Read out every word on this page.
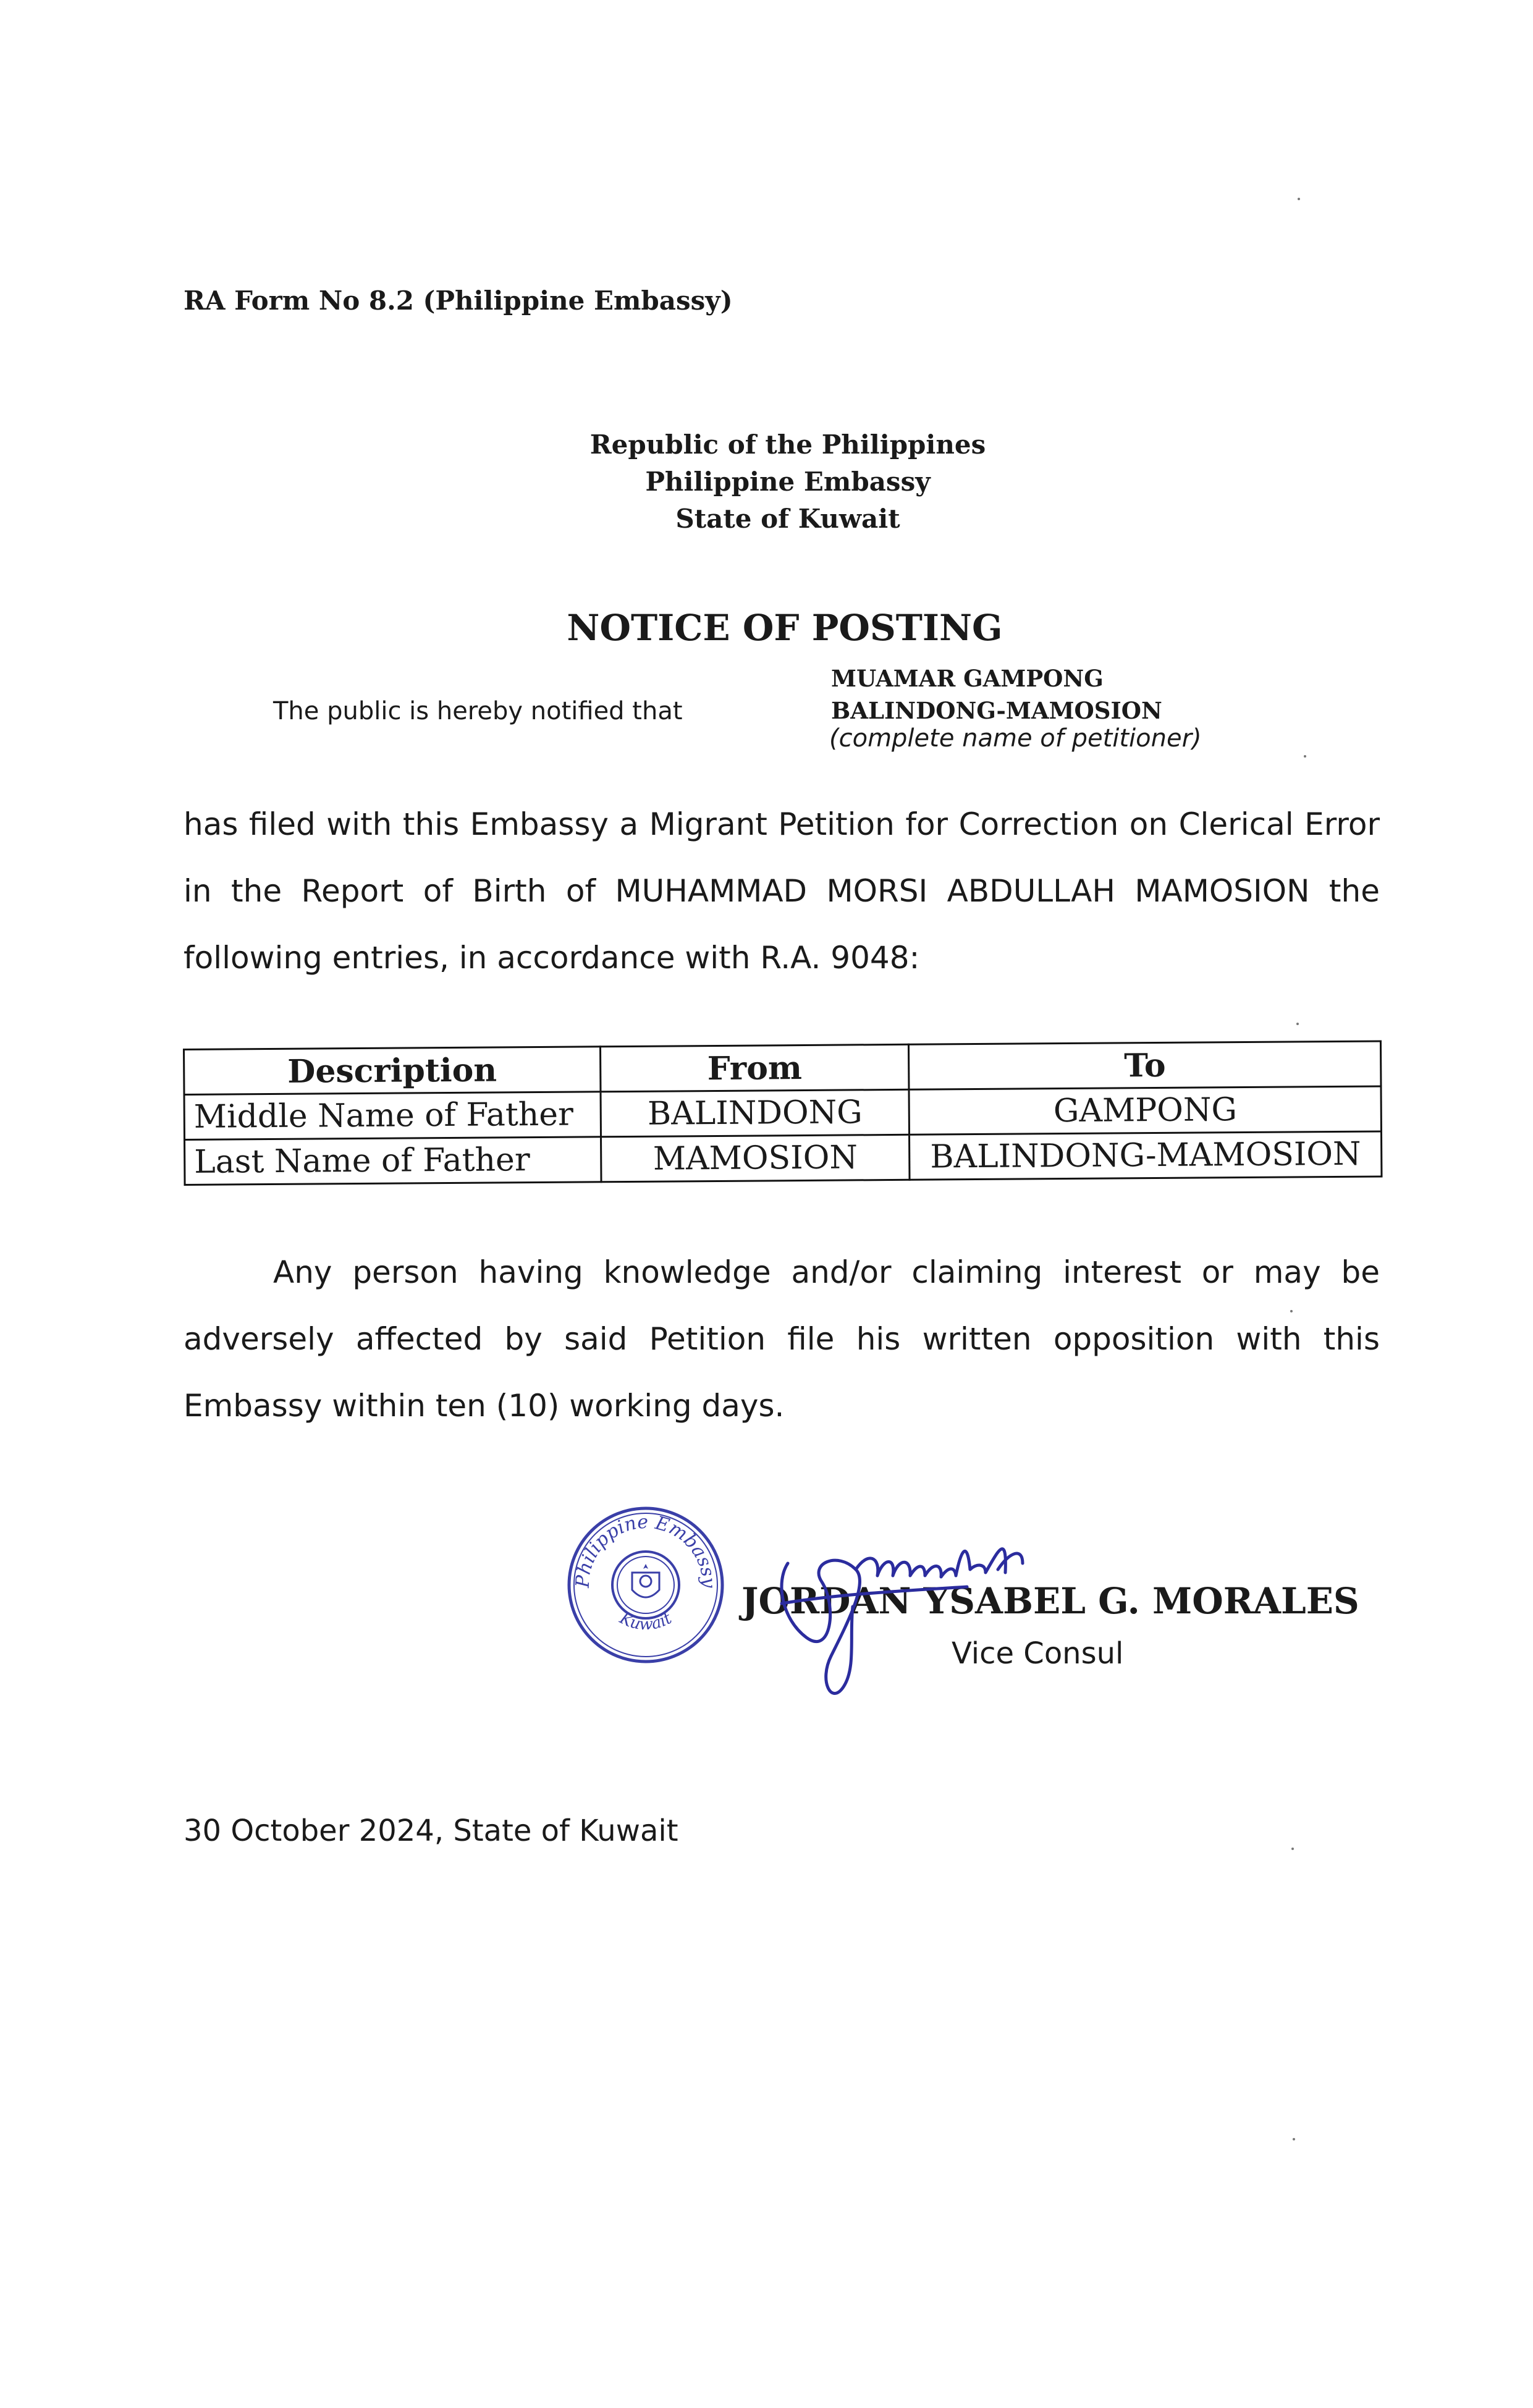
RA Form No 8.2 (Philippine Embassy)
Republic of the Philippines
Philippine Embassy
State of Kuwait
NOTICE OF POSTING
The public is hereby notified that
MUAMAR GAMPONG
BALINDONG-MAMOSION
(complete name of petitioner)
has filed with this Embassy a Migrant Petition for Correction on Clerical Error in the Report of Birth of MUHAMMAD MORSI ABDULLAH MAMOSION the following entries, in accordance with R.A. 9048:
Description	From	To
Middle Name of Father	BALINDONG	GAMPONG
Last Name of Father	MAMOSION	BALINDONG-MAMOSION
Any person having knowledge and/or claiming interest or may be adversely affected by said Petition file his written opposition with this Embassy within ten (10) working days.
Philippine Embassy
Kuwait JORDAN YSABEL G. MORALES
Vice Consul
30 October 2024, State of Kuwait
